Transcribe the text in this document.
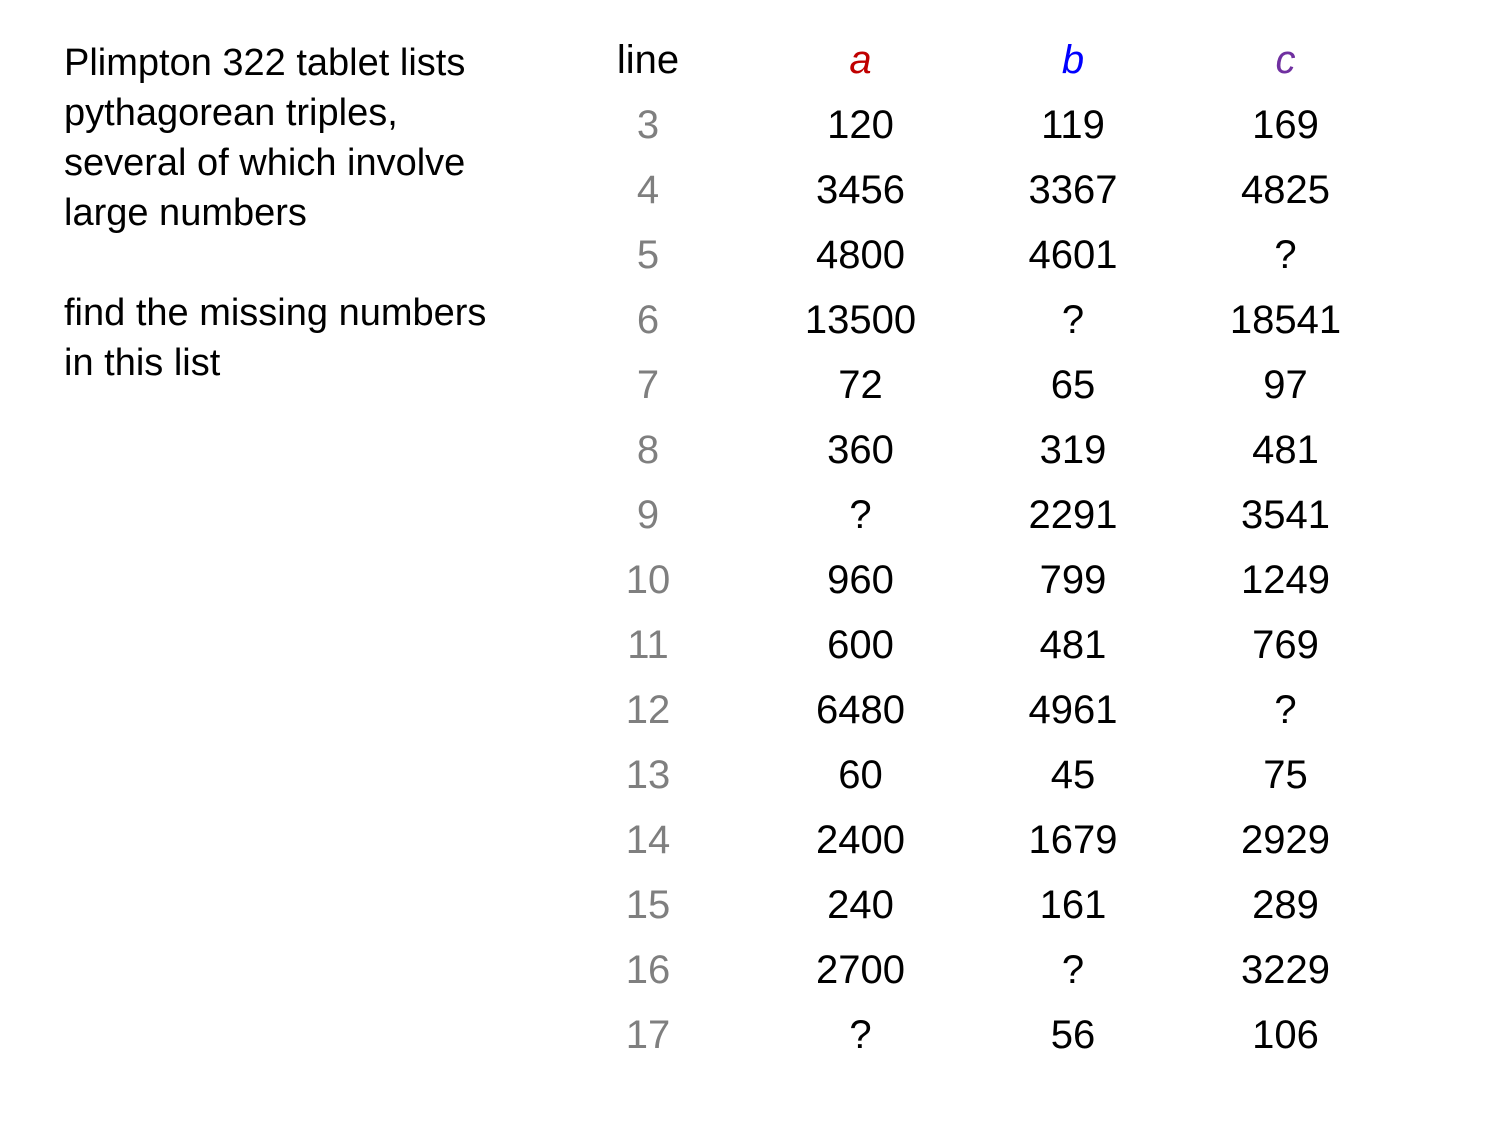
Plimpton 322 tablet lists pythagorean triples, several of which involve large numbers

find the missing numbers in this list

line	a	b	c
3	120	119	169
4	3456	3367	4825
5	4800	4601	?
6	13500	?	18541
7	72	65	97
8	360	319	481
9	?	2291	3541
10	960	799	1249
11	600	481	769
12	6480	4961	?
13	60	45	75
14	2400	1679	2929
15	240	161	289
16	2700	?	3229
17	?	56	106
